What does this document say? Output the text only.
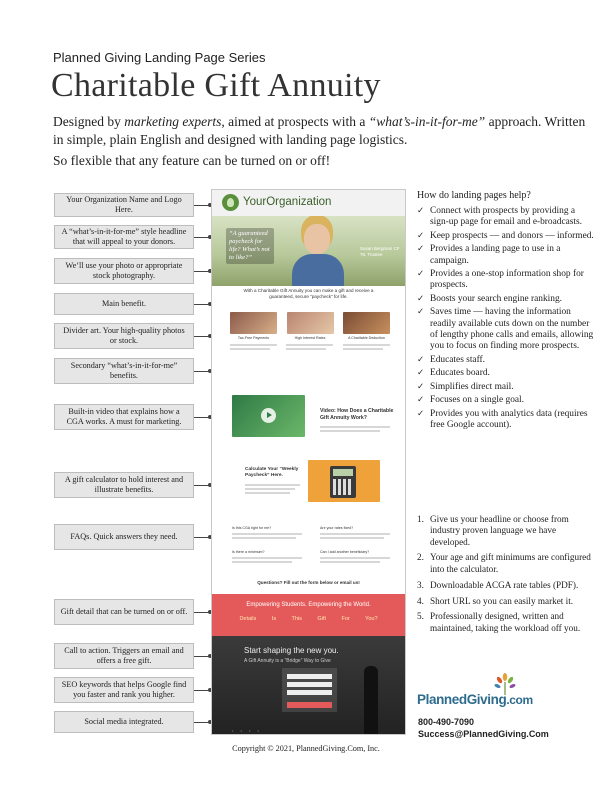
Planned Giving Landing Page Series
Charitable Gift Annuity

Designed by marketing experts, aimed at prospects with a “what’s-in-it-for-me” approach. Written in simple, plain English and designed with landing page logistics.

So flexible that any feature can be turned on or off!

Your Organization Name and Logo Here.
A “what’s-in-it-for-me” style headline that will appeal to your donors.
We’ll use your photo or appropriate stock photography.
Main benefit.
Divider art. Your high-quality photos or stock.
Secondary “what’s-in-it-for-me” benefits.
Built-in video that explains how a CGA works. A must for marketing.
A gift calculator to hold interest and illustrate benefits.
FAQs. Quick answers they need.
Gift detail that can be turned on or off.
Call to action. Triggers an email and offers a free gift.
SEO keywords that helps Google find you faster and rank you higher.
Social media integrated.
YourOrganization
“A guaranteed paycheck for life? What’s not to like?”
Susan Bergman CF 76, Trustee
With a Charitable Gift Annuity you can make a gift and receive a guaranteed, secure “paycheck” for life.
Tax-Free Payments	High Interest Rates	A Charitable Deduction
Video: How Does a Charitable Gift Annuity Work?
Calculate Your “Weekly Paycheck” Here.
Is this CGA right for me?	Are your rates fixed?
Is there a minimum?	Can I add another beneficiary?
Questions? Fill out the form below or email us!
Empowering Students. Empowering the World.
Details	Is This Gift For You?
Start shaping the new you.
A Gift Annuity is a “Bridge” Way to Give
• • • •
How do landing pages help?
✓ Connect with prospects by providing a sign-up page for email and e-broadcasts.
✓ Keep prospects — and donors — informed.
✓ Provides a landing page to use in a campaign.
✓ Provides a one-stop information shop for prospects.
✓ Boosts your search engine ranking.
✓ Saves time — having the information readily available cuts down on the number of lengthy phone calls and emails, allowing you to focus on finding more prospects.
✓ Educates staff.
✓ Educates board.
✓ Simplifies direct mail.
✓ Focuses on a single goal.
✓ Provides you with analytics data (requires free Google account).
1. Give us your headline or choose from industry proven language we have developed.
2. Your age and gift minimums are configured into the calculator.
3. Downloadable ACGA rate tables (PDF).
4. Short URL so you can easily market it.
5. Professionally designed, written and maintained, taking the workload off you.
PlannedGiving.com
800-490-7090
Success@PlannedGiving.Com
Copyright © 2021, PlannedGiving.Com, Inc.
